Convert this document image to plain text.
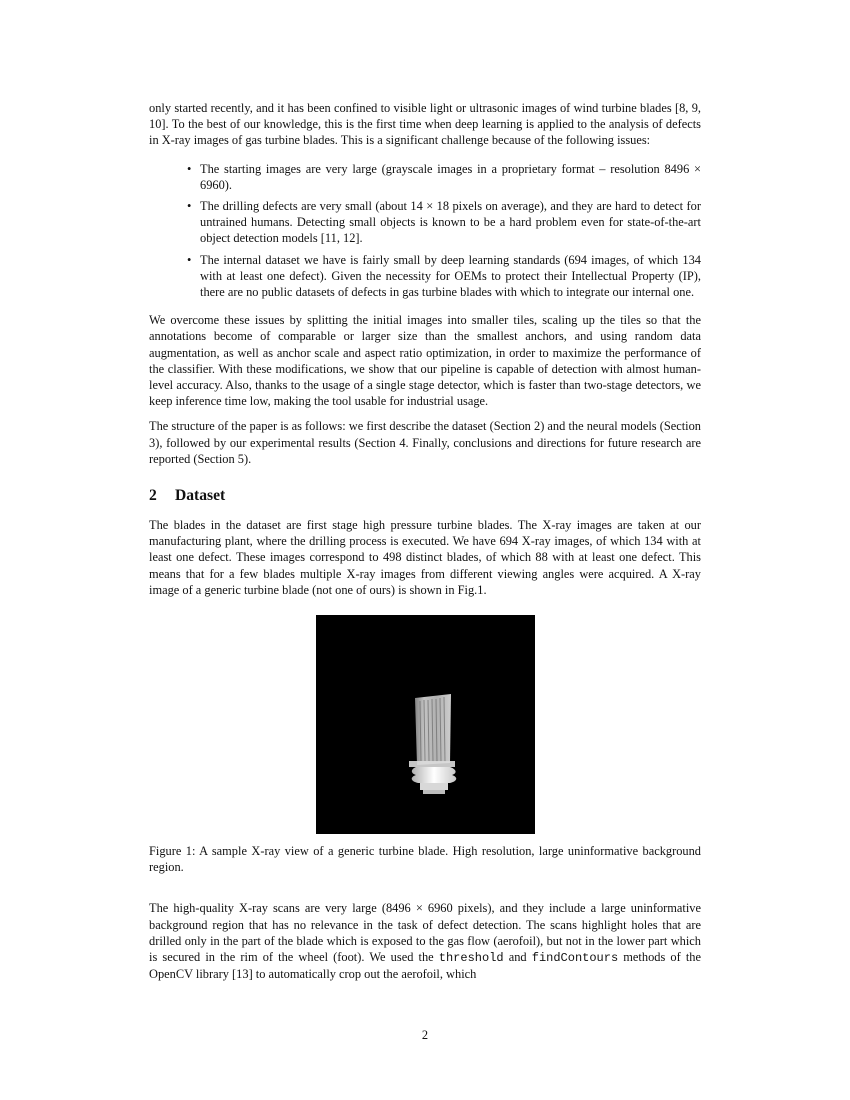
only started recently, and it has been confined to visible light or ultrasonic images of wind turbine blades [8, 9, 10]. To the best of our knowledge, this is the first time when deep learning is applied to the analysis of defects in X-ray images of gas turbine blades. This is a significant challenge because of the following issues:

• The starting images are very large (grayscale images in a proprietary format – resolution 8496 × 6960).
• The drilling defects are very small (about 14 × 18 pixels on average), and they are hard to detect for untrained humans. Detecting small objects is known to be a hard problem even for state-of-the-art object detection models [11, 12].
• The internal dataset we have is fairly small by deep learning standards (694 images, of which 134 with at least one defect). Given the necessity for OEMs to protect their Intellectual Property (IP), there are no public datasets of defects in gas turbine blades with which to integrate our internal one.

We overcome these issues by splitting the initial images into smaller tiles, scaling up the tiles so that the annotations become of comparable or larger size than the smallest anchors, and using random data augmentation, as well as anchor scale and aspect ratio optimization, in order to maximize the performance of the classifier. With these modifications, we show that our pipeline is capable of detection with almost human-level accuracy. Also, thanks to the usage of a single stage detector, which is faster than two-stage detectors, we keep inference time low, making the tool usable for industrial usage.

The structure of the paper is as follows: we first describe the dataset (Section 2) and the neural models (Section 3), followed by our experimental results (Section 4. Finally, conclusions and directions for future research are reported (Section 5).

2 Dataset

The blades in the dataset are first stage high pressure turbine blades. The X-ray images are taken at our manufacturing plant, where the drilling process is executed. We have 694 X-ray images, of which 134 with at least one defect. These images correspond to 498 distinct blades, of which 88 with at least one defect. This means that for a few blades multiple X-ray images from different viewing angles were acquired. A X-ray image of a generic turbine blade (not one of ours) is shown in Fig.1.

Figure 1: A sample X-ray view of a generic turbine blade. High resolution, large uninformative background region.

The high-quality X-ray scans are very large (8496 × 6960 pixels), and they include a large uninformative background region that has no relevance in the task of defect detection. The scans highlight holes that are drilled only in the part of the blade which is exposed to the gas flow (aerofoil), but not in the lower part which is secured in the rim of the wheel (foot). We used the threshold and findContours methods of the OpenCV library [13] to automatically crop out the aerofoil, which

2
